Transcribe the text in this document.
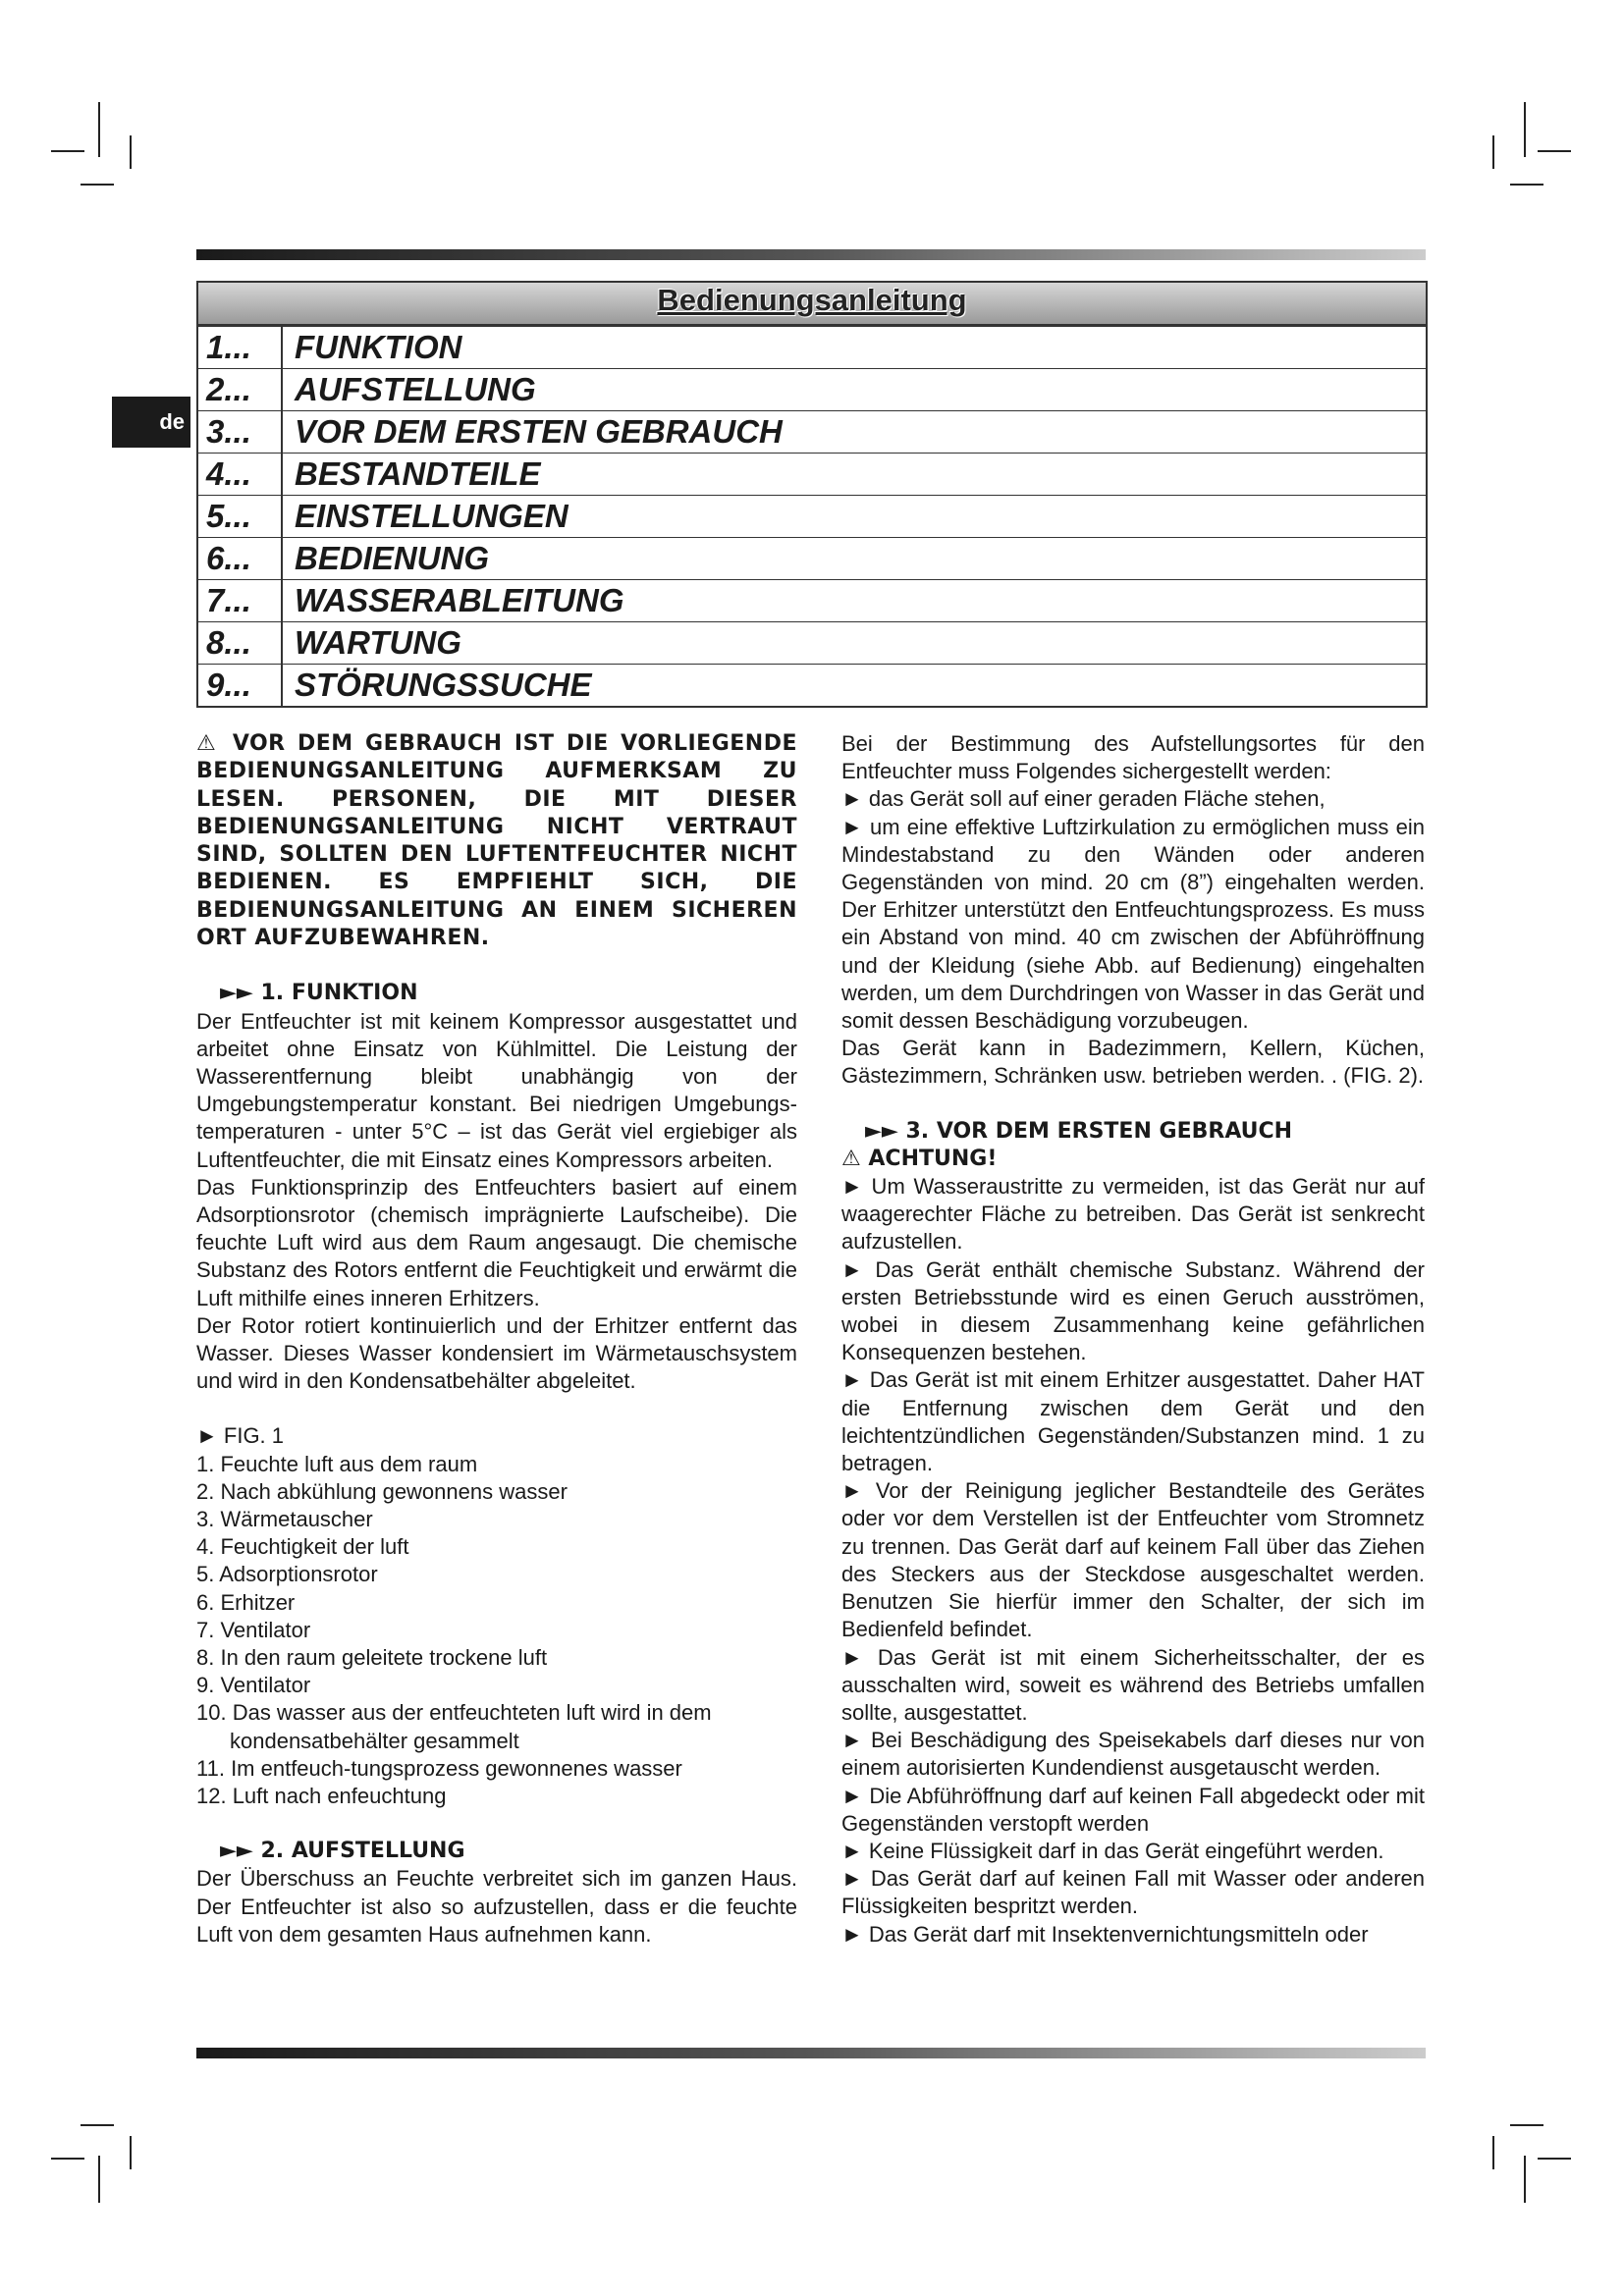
de
Bedienungsanleitung
1...	FUNKTION
2...	AUFSTELLUNG
3...	VOR DEM ERSTEN GEBRAUCH
4...	BESTANDTEILE
5...	EINSTELLUNGEN
6...	BEDIENUNG
7...	WASSERABLEITUNG
8...	WARTUNG
9...	STÖRUNGSSUCHE
⚠ VOR DEM GEBRAUCH IST DIE VORLIEGENDE BEDIENUNGSANLEITUNG AUFMERKSAM ZU LESEN. PERSONEN, DIE MIT DIESER BEDIENUNGSANLEITUNG NICHT VERTRAUT SIND, SOLLTEN DEN LUFTENTFEUCHTER NICHT BEDIENEN. ES EMPFIEHLT SICH, DIE BEDIENUNGSANLEITUNG AN EINEM SICHEREN ORT AUFZUBEWAHREN.

►► 1. FUNKTION

Der Entfeuchter ist mit keinem Kompressor ausgestattet und arbeitet ohne Einsatz von Kühlmittel. Die Leistung der Wasserentfernung bleibt unabhängig von der Umgebungstemperatur konstant. Bei niedrigen Umgebungs-temperaturen - unter 5°C – ist das Gerät viel ergiebiger als Luftentfeuchter, die mit Einsatz eines Kompressors arbeiten.

Das Funktionsprinzip des Entfeuchters basiert auf einem Adsorptionsrotor (chemisch imprägnierte Laufscheibe). Die feuchte Luft wird aus dem Raum angesaugt. Die chemische Substanz des Rotors entfernt die Feuchtigkeit und erwärmt die Luft mithilfe eines inneren Erhitzers.

Der Rotor rotiert kontinuierlich und der Erhitzer entfernt das Wasser. Dieses Wasser kondensiert im Wärmetauschsystem und wird in den Kondensatbehälter abgeleitet.

► FIG. 1

1. Feuchte luft aus dem raum
2. Nach abkühlung gewonnens wasser
3. Wärmetauscher
4. Feuchtigkeit der luft
5. Adsorptionsrotor
6. Erhitzer
7. Ventilator
8. In den raum geleitete trockene luft
9. Ventilator
10. Das wasser aus der entfeuchteten luft wird in dem kondensatbehälter gesammelt
11. Im entfeuch-tungsprozess gewonnenes wasser
12. Luft nach enfeuchtung

►► 2. AUFSTELLUNG

Der Überschuss an Feuchte verbreitet sich im ganzen Haus. Der Entfeuchter ist also so aufzustellen, dass er die feuchte Luft von dem gesamten Haus aufnehmen kann.

Bei der Bestimmung des Aufstellungsortes für den Entfeuchter muss Folgendes sichergestellt werden:

► das Gerät soll auf einer geraden Fläche stehen,

► um eine effektive Luftzirkulation zu ermöglichen muss ein Mindestabstand zu den Wänden oder anderen Gegenständen von mind. 20 cm (8”) eingehalten werden. Der Erhitzer unterstützt den Entfeuchtungsprozess. Es muss ein Abstand von mind. 40 cm zwischen der Abführöffnung und der Kleidung (siehe Abb. auf Bedienung) eingehalten werden, um dem Durchdringen von Wasser in das Gerät und somit dessen Beschädigung vorzubeugen.

Das Gerät kann in Badezimmern, Kellern, Küchen, Gästezimmern, Schränken usw. betrieben werden. . (FIG. 2).

►► 3. VOR DEM ERSTEN GEBRAUCH

⚠ ACHTUNG!

► Um Wasseraustritte zu vermeiden, ist das Gerät nur auf waagerechter Fläche zu betreiben. Das Gerät ist senkrecht aufzustellen.

► Das Gerät enthält chemische Substanz. Während der ersten Betriebsstunde wird es einen Geruch ausströmen, wobei in diesem Zusammenhang keine gefährlichen Konsequenzen bestehen.

► Das Gerät ist mit einem Erhitzer ausgestattet. Daher HAT die Entfernung zwischen dem Gerät und den leichtentzündlichen Gegenständen/Substanzen mind. 1 zu betragen.

► Vor der Reinigung jeglicher Bestandteile des Gerätes oder vor dem Verstellen ist der Entfeuchter vom Stromnetz zu trennen. Das Gerät darf auf keinem Fall über das Ziehen des Steckers aus der Steckdose ausgeschaltet werden. Benutzen Sie hierfür immer den Schalter, der sich im Bedienfeld befindet.

► Das Gerät ist mit einem Sicherheitsschalter, der es ausschalten wird, soweit es während des Betriebs umfallen sollte, ausgestattet.

► Bei Beschädigung des Speisekabels darf dieses nur von einem autorisierten Kundendienst ausgetauscht werden.

► Die Abführöffnung darf auf keinen Fall abgedeckt oder mit Gegenständen verstopft werden

► Keine Flüssigkeit darf in das Gerät eingeführt werden.

► Das Gerät darf auf keinen Fall mit Wasser oder anderen Flüssigkeiten bespritzt werden.

► Das Gerät darf mit Insektenvernichtungsmitteln oder
